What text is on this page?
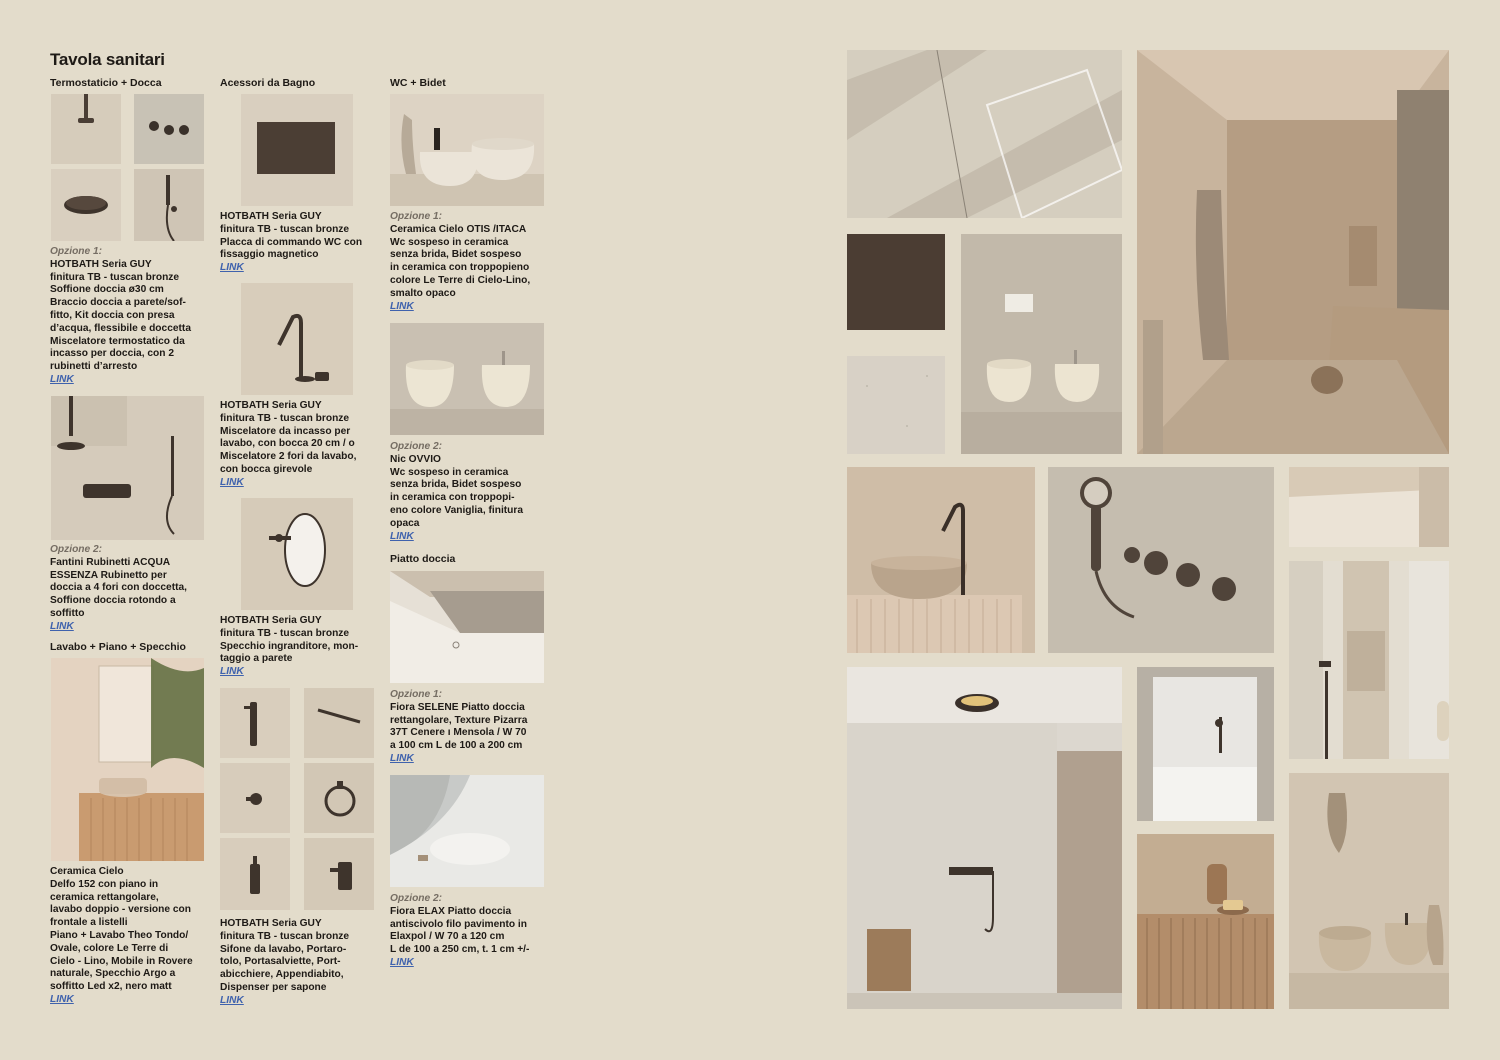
Tavola sanitari
Termostaticio + Docca	Acessori da Bagno	WC + Bidet
Lavabo + Piano + Specchio
Piatto doccia
Opzione 1:
HOTBATH Seria GUY
finitura TB - tuscan bronze
Soffione doccia ø30 cm
Braccio doccia a parete/sof-
fitto, Kit doccia con presa
d’acqua, flessibile e doccetta
Miscelatore termostatico da
incasso per doccia, con 2
rubinetti d’arresto
LINK
Opzione 2:
Fantini Rubinetti ACQUA
ESSENZA Rubinetto per
doccia a 4 fori con doccetta,
Soffione doccia rotondo a
soffitto
LINK
Ceramica Cielo
Delfo 152 con piano in
ceramica rettangolare,
lavabo doppio - versione con
frontale a listelli
Piano + Lavabo Theo Tondo/
Ovale, colore Le Terre di
Cielo - Lino, Mobile in Rovere
naturale, Specchio Argo a
soffitto Led x2, nero matt
LINK
HOTBATH Seria GUY
finitura TB - tuscan bronze
Placca di commando WC con
fissaggio magnetico
LINK
HOTBATH Seria GUY
finitura TB - tuscan bronze
Miscelatore da incasso per
lavabo, con bocca 20 cm / o
Miscelatore 2 fori da lavabo,
con bocca girevole
LINK
HOTBATH Seria GUY
finitura TB - tuscan bronze
Specchio ingranditore, mon-
taggio a parete
LINK
HOTBATH Seria GUY
finitura TB - tuscan bronze
Sifone da lavabo, Portaro-
tolo, Portasalviette, Port-
abicchiere, Appendiabito,
Dispenser per sapone
LINK
Opzione 1:
Ceramica Cielo OTIS /ITACA
Wc sospeso in ceramica
senza brida, Bidet sospeso
in ceramica con troppopieno
colore Le Terre di Cielo-Lino,
smalto opaco
LINK
Opzione 2:
Nic OVVIO
Wc sospeso in ceramica
senza brida, Bidet sospeso
in ceramica con troppopi-
eno colore Vaniglia, finitura
opaca
LINK
Opzione 1:
Fiora SELENE Piatto doccia
rettangolare, Texture Pizarra
37T Cenere ı Mensola / W 70
a 100 cm L de 100 a 200 cm
LINK
Opzione 2:
Fiora ELAX Piatto doccia
antiscivolo filo pavimento in
Elaxpol / W 70 a 120 cm
L de 100 a 250 cm, t. 1 cm +/-
LINK
